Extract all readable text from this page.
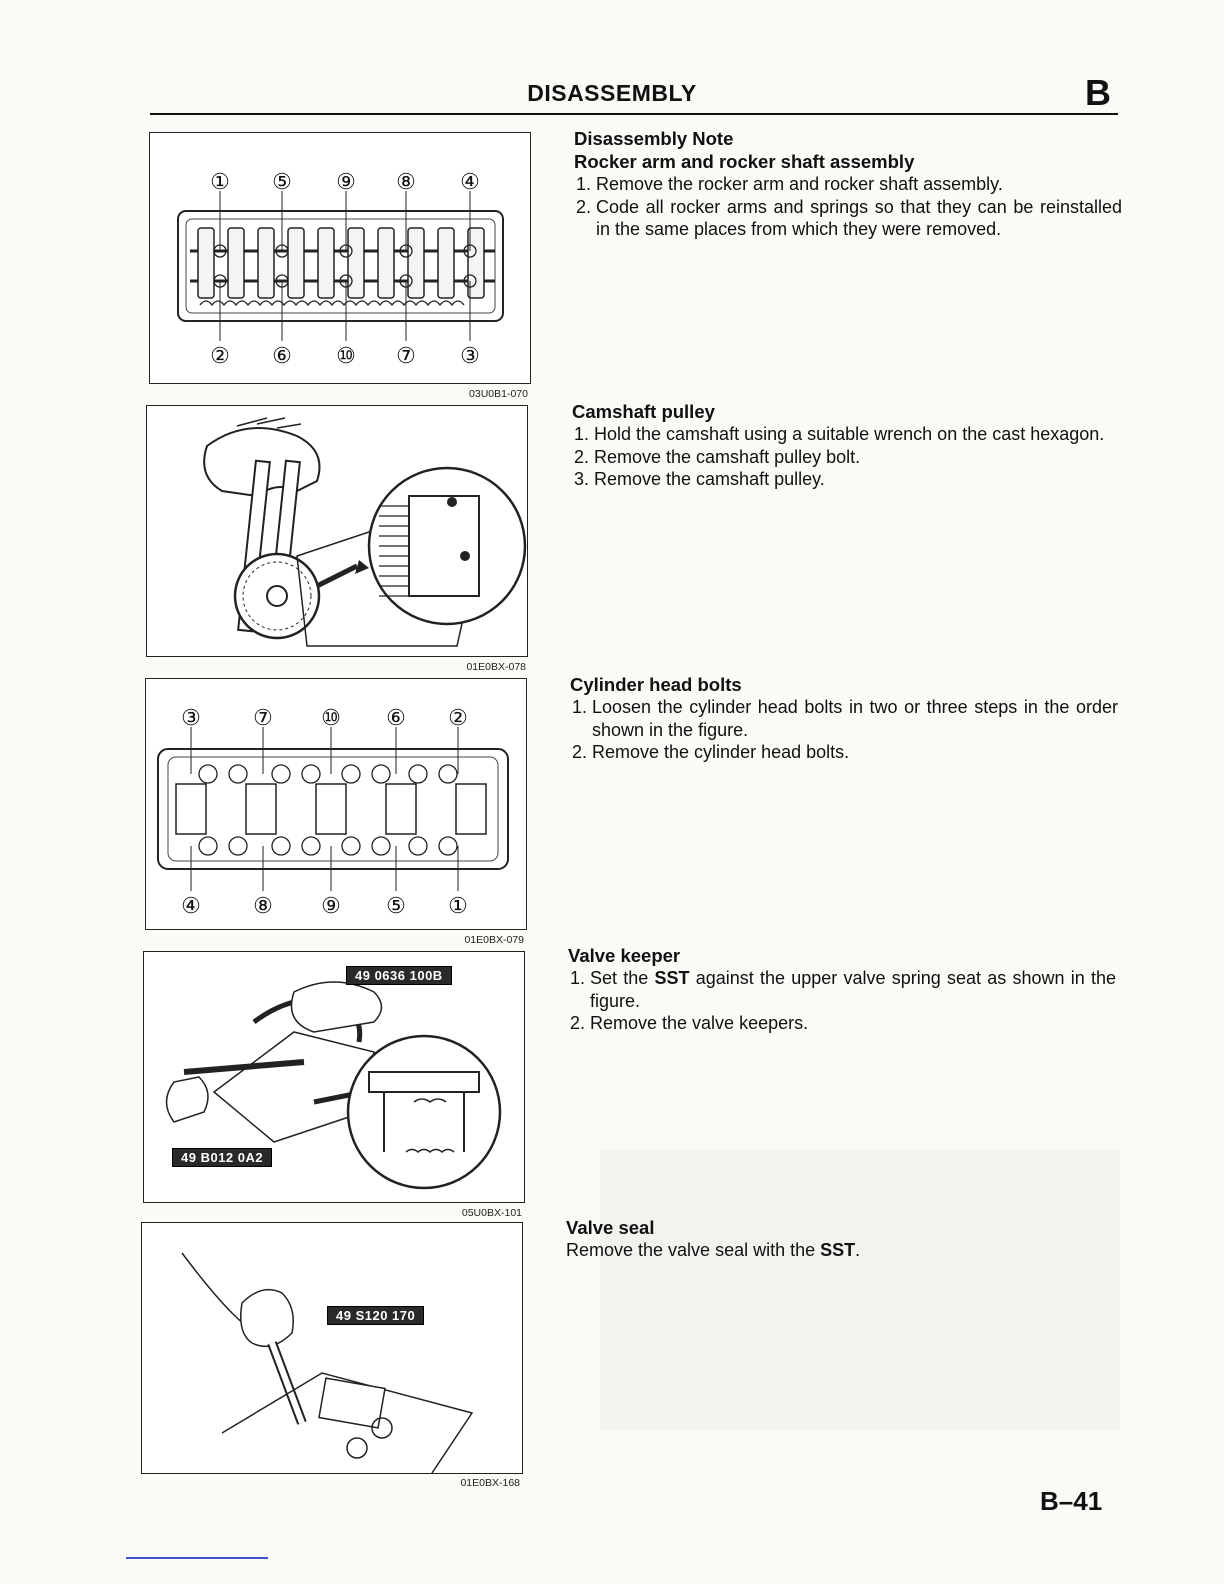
DISASSEMBLY	B
① ⑤ ⑨ ⑧ ④
② ⑥ ⑩ ⑦ ③
03U0B1-070
01E0BX-078
③ ⑦ ⑩ ⑥ ②
④ ⑧ ⑨ ⑤ ①
01E0BX-079
49 0636 100B
49 B012 0A2
05U0BX-101
49 S120 170
01E0BX-168
Disassembly Note
Rocker arm and rocker shaft assembly
1. Remove the rocker arm and rocker shaft assembly.
2. Code all rocker arms and springs so that they can be reinstalled in the same places from which they were removed.
Camshaft pulley
1. Hold the camshaft using a suitable wrench on the cast hexagon.
2. Remove the camshaft pulley bolt.
3. Remove the camshaft pulley.
Cylinder head bolts
1. Loosen the cylinder head bolts in two or three steps in the order shown in the figure.
2. Remove the cylinder head bolts.
Valve keeper
1. Set the SST against the upper valve spring seat as shown in the figure.
2. Remove the valve keepers.
Valve seal

Remove the valve seal with the SST.

B–41
